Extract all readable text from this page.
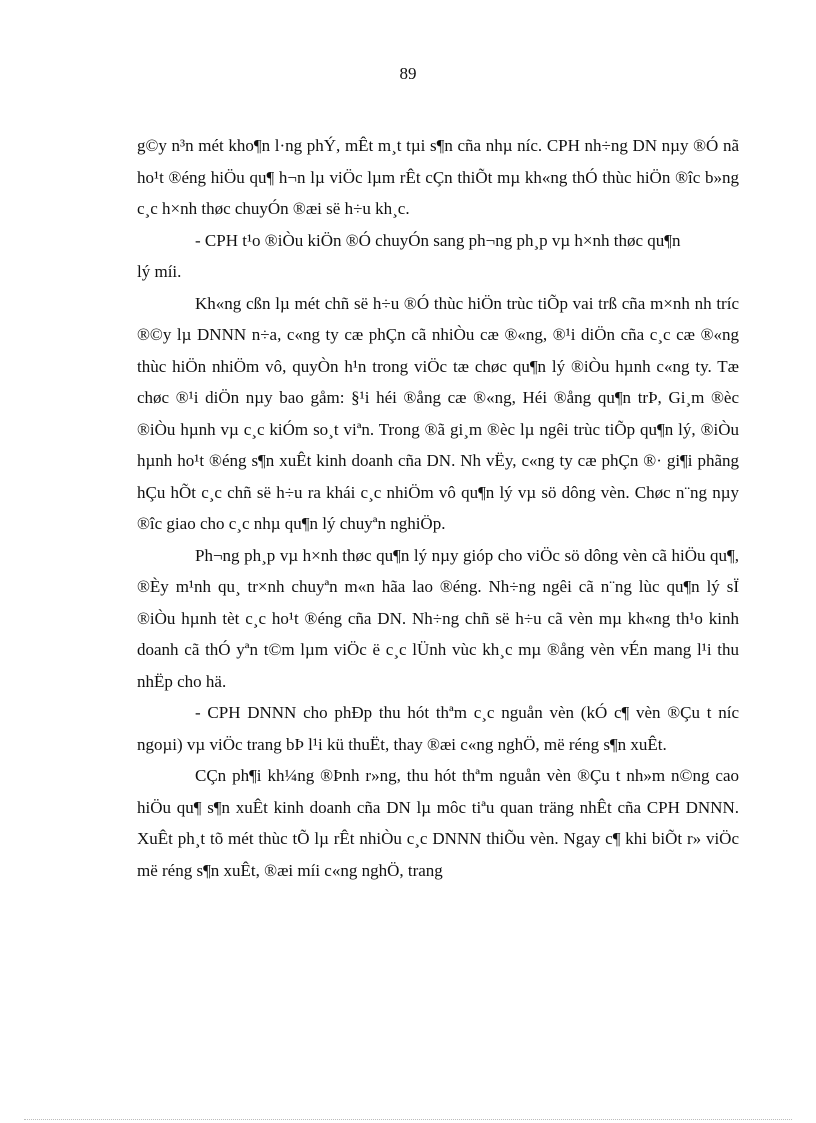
89

g©y n³n mét kho¶n l·ng phÝ, mÊt m¸t tµi s¶n cña nhµ níc. CPH nh÷ng DN nµy ®Ó nã ho¹t ®éng hiÖu qu¶ h¬n lµ viÖc lµm rÊt cÇn thiÕt mµ kh«ng thÓ thùc hiÖn ®îc b»ng c¸c h×nh thøc chuyÓn ®æi së h÷u kh¸c.

- CPH t¹o ®iÒu kiÖn ®Ó chuyÓn sang ph¬ng ph¸p vµ h×nh thøc qu¶n

lý míi.

Kh«ng cßn lµ mét chñ së h÷u ®Ó thùc hiÖn trùc tiÕp vai trß cña m×nh nh tríc ®©y lµ DNNN n÷a, c«ng ty cæ phÇn cã nhiÒu cæ ®«ng, ®¹i diÖn cña c¸c cæ ®«ng thùc hiÖn nhiÖm vô, quyÒn h¹n trong viÖc tæ chøc qu¶n lý ®iÒu hµnh c«ng ty. Tæ chøc ®¹i diÖn nµy bao gåm: §¹i héi ®ång cæ ®«ng, Héi ®ång qu¶n trÞ, Gi¸m ®èc ®iÒu hµnh vµ c¸c kiÓm so¸t viªn. Trong ®ã gi¸m ®èc lµ ngêi trùc tiÕp qu¶n lý, ®iÒu hµnh ho¹t ®éng s¶n xuÊt kinh doanh cña DN. Nh vËy, c«ng ty cæ phÇn ®· gi¶i phãng hÇu hÕt c¸c chñ së h÷u ra khái c¸c nhiÖm vô qu¶n lý vµ sö dông vèn. Chøc n¨ng nµy ®îc giao cho c¸c nhµ qu¶n lý chuyªn nghiÖp.

Ph¬ng ph¸p vµ h×nh thøc qu¶n lý nµy gióp cho viÖc sö dông vèn cã hiÖu qu¶, ®Èy m¹nh qu¸ tr×nh chuyªn m«n hãa lao ®éng. Nh÷ng ngêi cã n¨ng lùc qu¶n lý sÏ ®iÒu hµnh tèt c¸c ho¹t ®éng cña DN. Nh÷ng chñ së h÷u cã vèn mµ kh«ng th¹o kinh doanh cã thÓ yªn t©m lµm viÖc ë c¸c lÜnh vùc kh¸c mµ ®ång vèn vÉn mang l¹i thu nhËp cho hä.

- CPH DNNN cho phÐp thu hót thªm c¸c nguån vèn (kÓ c¶ vèn ®Çu t níc ngoµi) vµ viÖc trang bÞ l¹i kü thuËt, thay ®æi c«ng nghÖ, më réng s¶n xuÊt.

CÇn ph¶i kh¼ng ®Þnh r»ng, thu hót thªm nguån vèn ®Çu t nh»m n©ng cao hiÖu qu¶ s¶n xuÊt kinh doanh cña DN lµ môc tiªu quan träng nhÊt cña CPH DNNN. XuÊt ph¸t tõ mét thùc tÕ lµ rÊt nhiÒu c¸c DNNN thiÕu vèn. Ngay c¶ khi biÕt r» viÖc më réng s¶n xuÊt, ®æi míi c«ng nghÖ, trang
